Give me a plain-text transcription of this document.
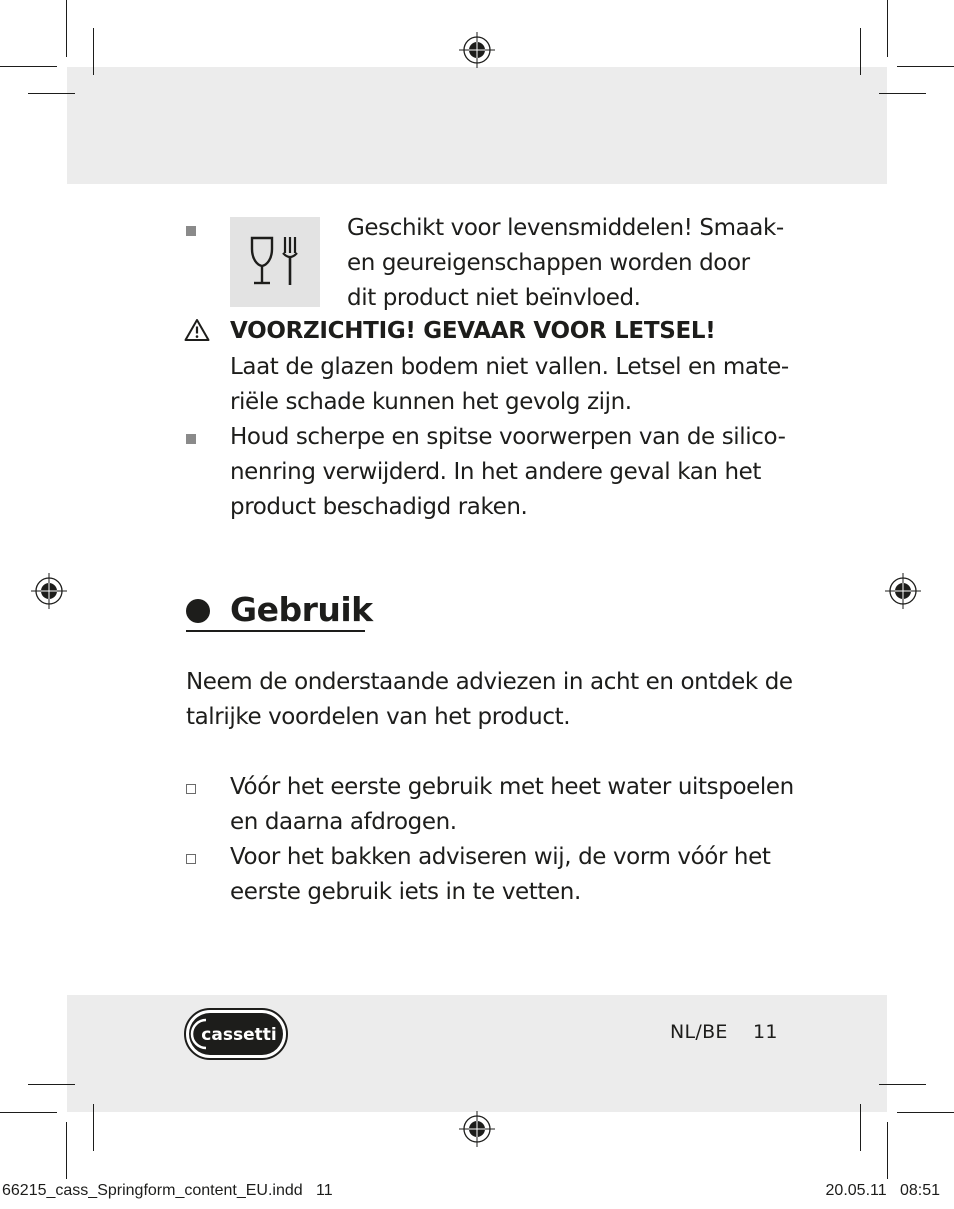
Geschikt voor levensmiddelen! Smaak-

en geureigenschappen worden door

dit product niet beïnvloed.

VOORZICHTIG! GEVAAR VOOR LETSEL!

Laat de glazen bodem niet vallen. Letsel en mate-

riële schade kunnen het gevolg zijn.

Houd scherpe en spitse voorwerpen van de silico-

nenring verwijderd. In het andere geval kan het

product beschadigd raken.

Gebruik

Neem de onderstaande adviezen in acht en ontdek de

talrijke voordelen van het product.

Vóór het eerste gebruik met heet water uitspoelen

en daarna afdrogen.

Voor het bakken adviseren wij, de vorm vóór het

eerste gebruik iets in te vetten.

cassetti	NL/BE 11

66215_cass_Springform_content_EU.indd   11	20.05.11   08:51
